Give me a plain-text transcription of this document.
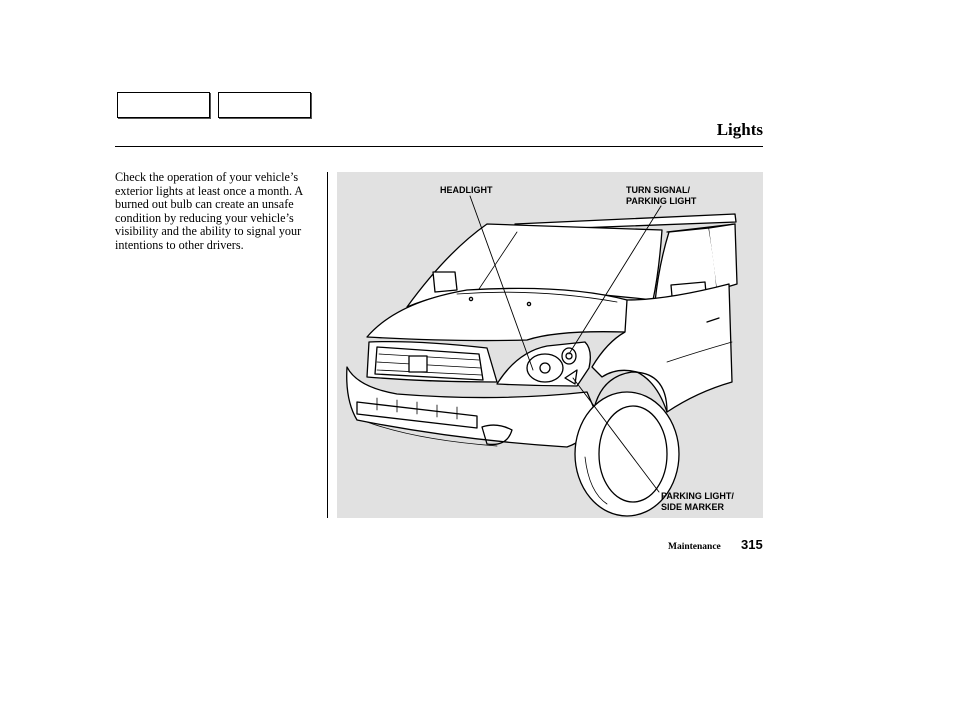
Lights
Check the operation of your vehicle’s exterior lights at least once a month. A burned out bulb can create an unsafe condition by reducing your vehicle’s visibility and the ability to signal your intentions to other drivers.
HEADLIGHT	TURN SIGNAL/
PARKING LIGHT
PARKING LIGHT/
SIDE MARKER
Maintenance 315
